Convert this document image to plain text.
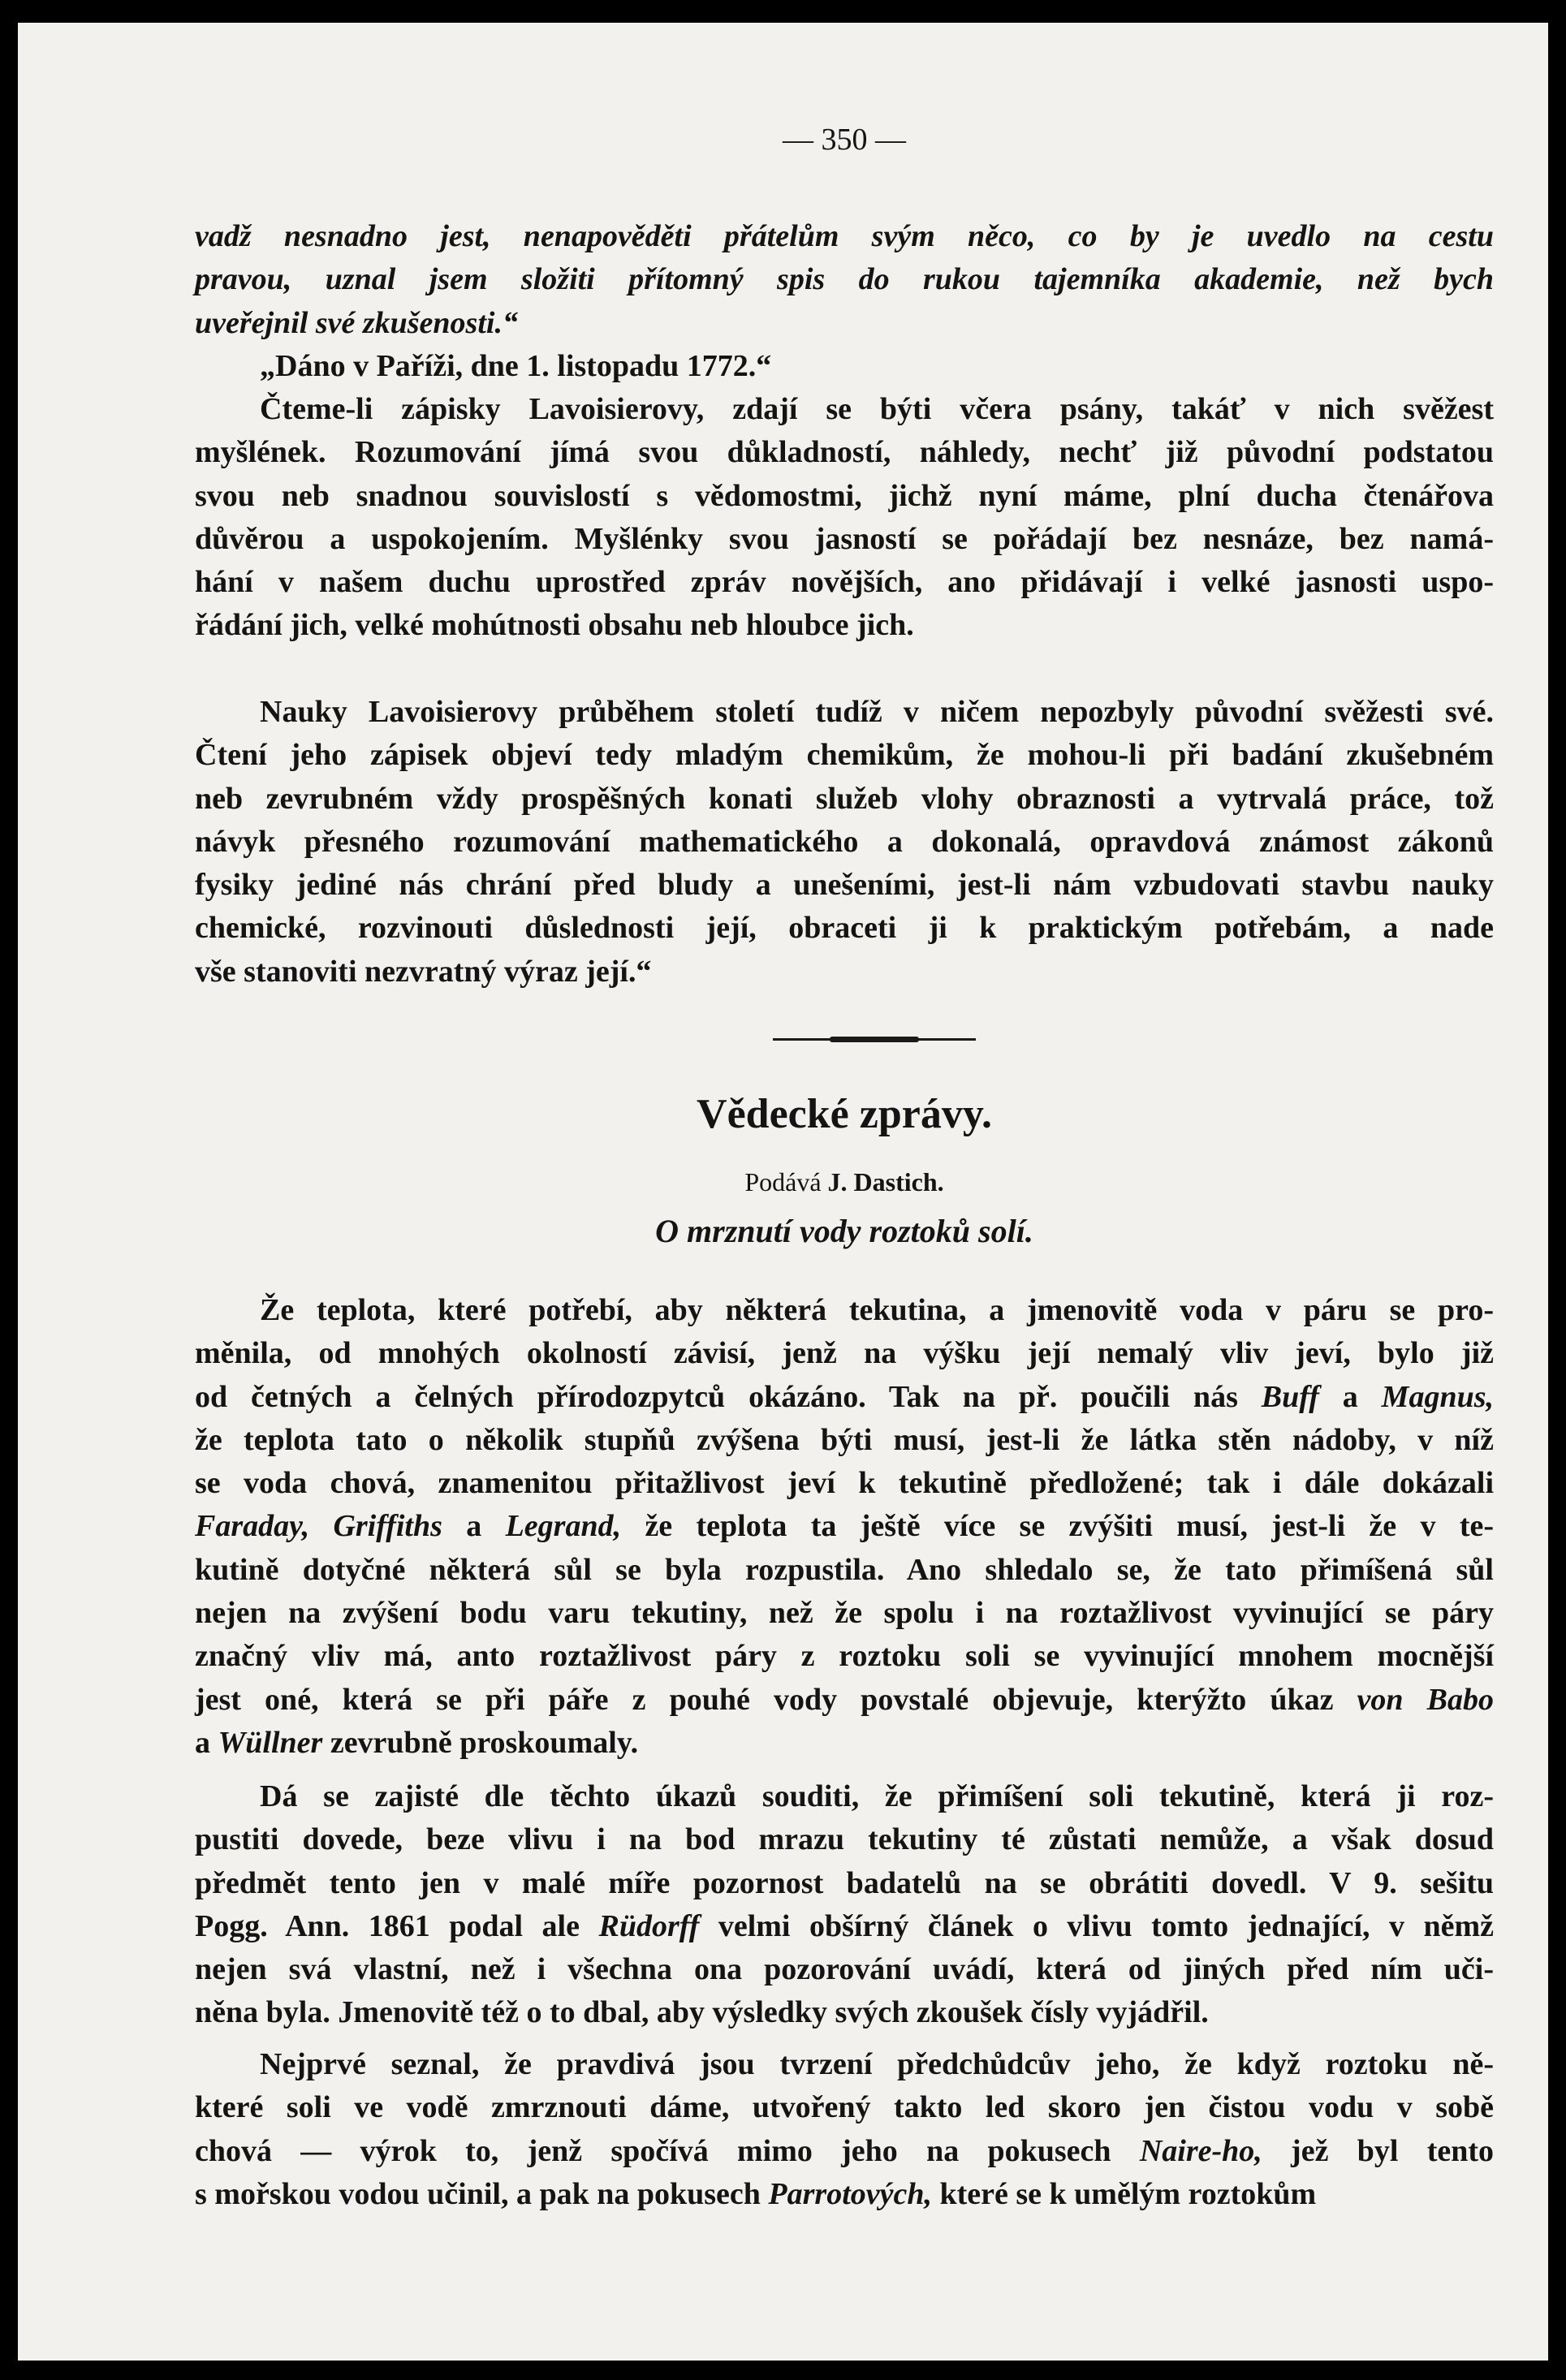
— 350 —
vadž nesnadno jest, nenapověděti přátelům svým něco, co by je uvedlo na cestu
pravou, uznal jsem složiti přítomný spis do rukou tajemníka akademie, než bych
uveřejnil své zkušenosti.“
„Dáno v Paříži, dne 1. listopadu 1772.“
Čteme-li zápisky Lavoisierovy, zdají se býti včera psány, takáť v nich svěžest
myšlének. Rozumování jímá svou důkladností, náhledy, nechť již původní podstatou
svou neb snadnou souvislostí s vědomostmi, jichž nyní máme, plní ducha čtenářova
důvěrou a uspokojením. Myšlénky svou jasností se pořádají bez nesnáze, bez namá-
hání v našem duchu uprostřed zpráv novějších, ano přidávají i velké jasnosti uspo-
řádání jich, velké mohútnosti obsahu neb hloubce jich.
Nauky Lavoisierovy průběhem století tudíž v ničem nepozbyly původní svěžesti své.
Čtení jeho zápisek objeví tedy mladým chemikům, že mohou-li při badání zkušebném
neb zevrubném vždy prospěšných konati služeb vlohy obraznosti a vytrvalá práce, tož
návyk přesného rozumování mathematického a dokonalá, opravdová známost zákonů
fysiky jediné nás chrání před bludy a unešeními, jest-li nám vzbudovati stavbu nauky
chemické, rozvinouti důslednosti její, obraceti ji k praktickým potřebám, a nade
vše stanoviti nezvratný výraz její.“
Vědecké zprávy.
Podává J. Dastich.
O mrznutí vody roztoků solí.
Že teplota, které potřebí, aby některá tekutina, a jmenovitě voda v páru se pro-
měnila, od mnohých okolností závisí, jenž na výšku její nemalý vliv jeví, bylo již
od četných a čelných přírodozpytců okázáno. Tak na př. poučili nás Buff a Magnus,
že teplota tato o několik stupňů zvýšena býti musí, jest-li že látka stěn nádoby, v níž
se voda chová, znamenitou přitažlivost jeví k tekutině předložené; tak i dále dokázali
Faraday, Griffiths a Legrand, že teplota ta ještě více se zvýšiti musí, jest-li že v te-
kutině dotyčné některá sůl se byla rozpustila. Ano shledalo se, že tato přimíšená sůl
nejen na zvýšení bodu varu tekutiny, než že spolu i na roztažlivost vyvinující se páry
značný vliv má, anto roztažlivost páry z roztoku soli se vyvinující mnohem mocnější
jest oné, která se při páře z pouhé vody povstalé objevuje, kterýžto úkaz von Babo
a Wüllner zevrubně proskoumaly.
Dá se zajisté dle těchto úkazů souditi, že přimíšení soli tekutině, která ji roz-
pustiti dovede, beze vlivu i na bod mrazu tekutiny té zůstati nemůže, a však dosud
předmět tento jen v malé míře pozornost badatelů na se obrátiti dovedl. V 9. sešitu
Pogg. Ann. 1861 podal ale Rüdorff velmi obšírný článek o vlivu tomto jednající, v němž
nejen svá vlastní, než i všechna ona pozorování uvádí, která od jiných před ním uči-
něna byla. Jmenovitě též o to dbal, aby výsledky svých zkoušek čísly vyjádřil.
Nejprvé seznal, že pravdivá jsou tvrzení předchůdcův jeho, že když roztoku ně-
které soli ve vodě zmrznouti dáme, utvořený takto led skoro jen čistou vodu v sobě
chová — výrok to, jenž spočívá mimo jeho na pokusech Naire-ho, jež byl tento
s mořskou vodou učinil, a pak na pokusech Parrotových, které se k umělým roztokům
